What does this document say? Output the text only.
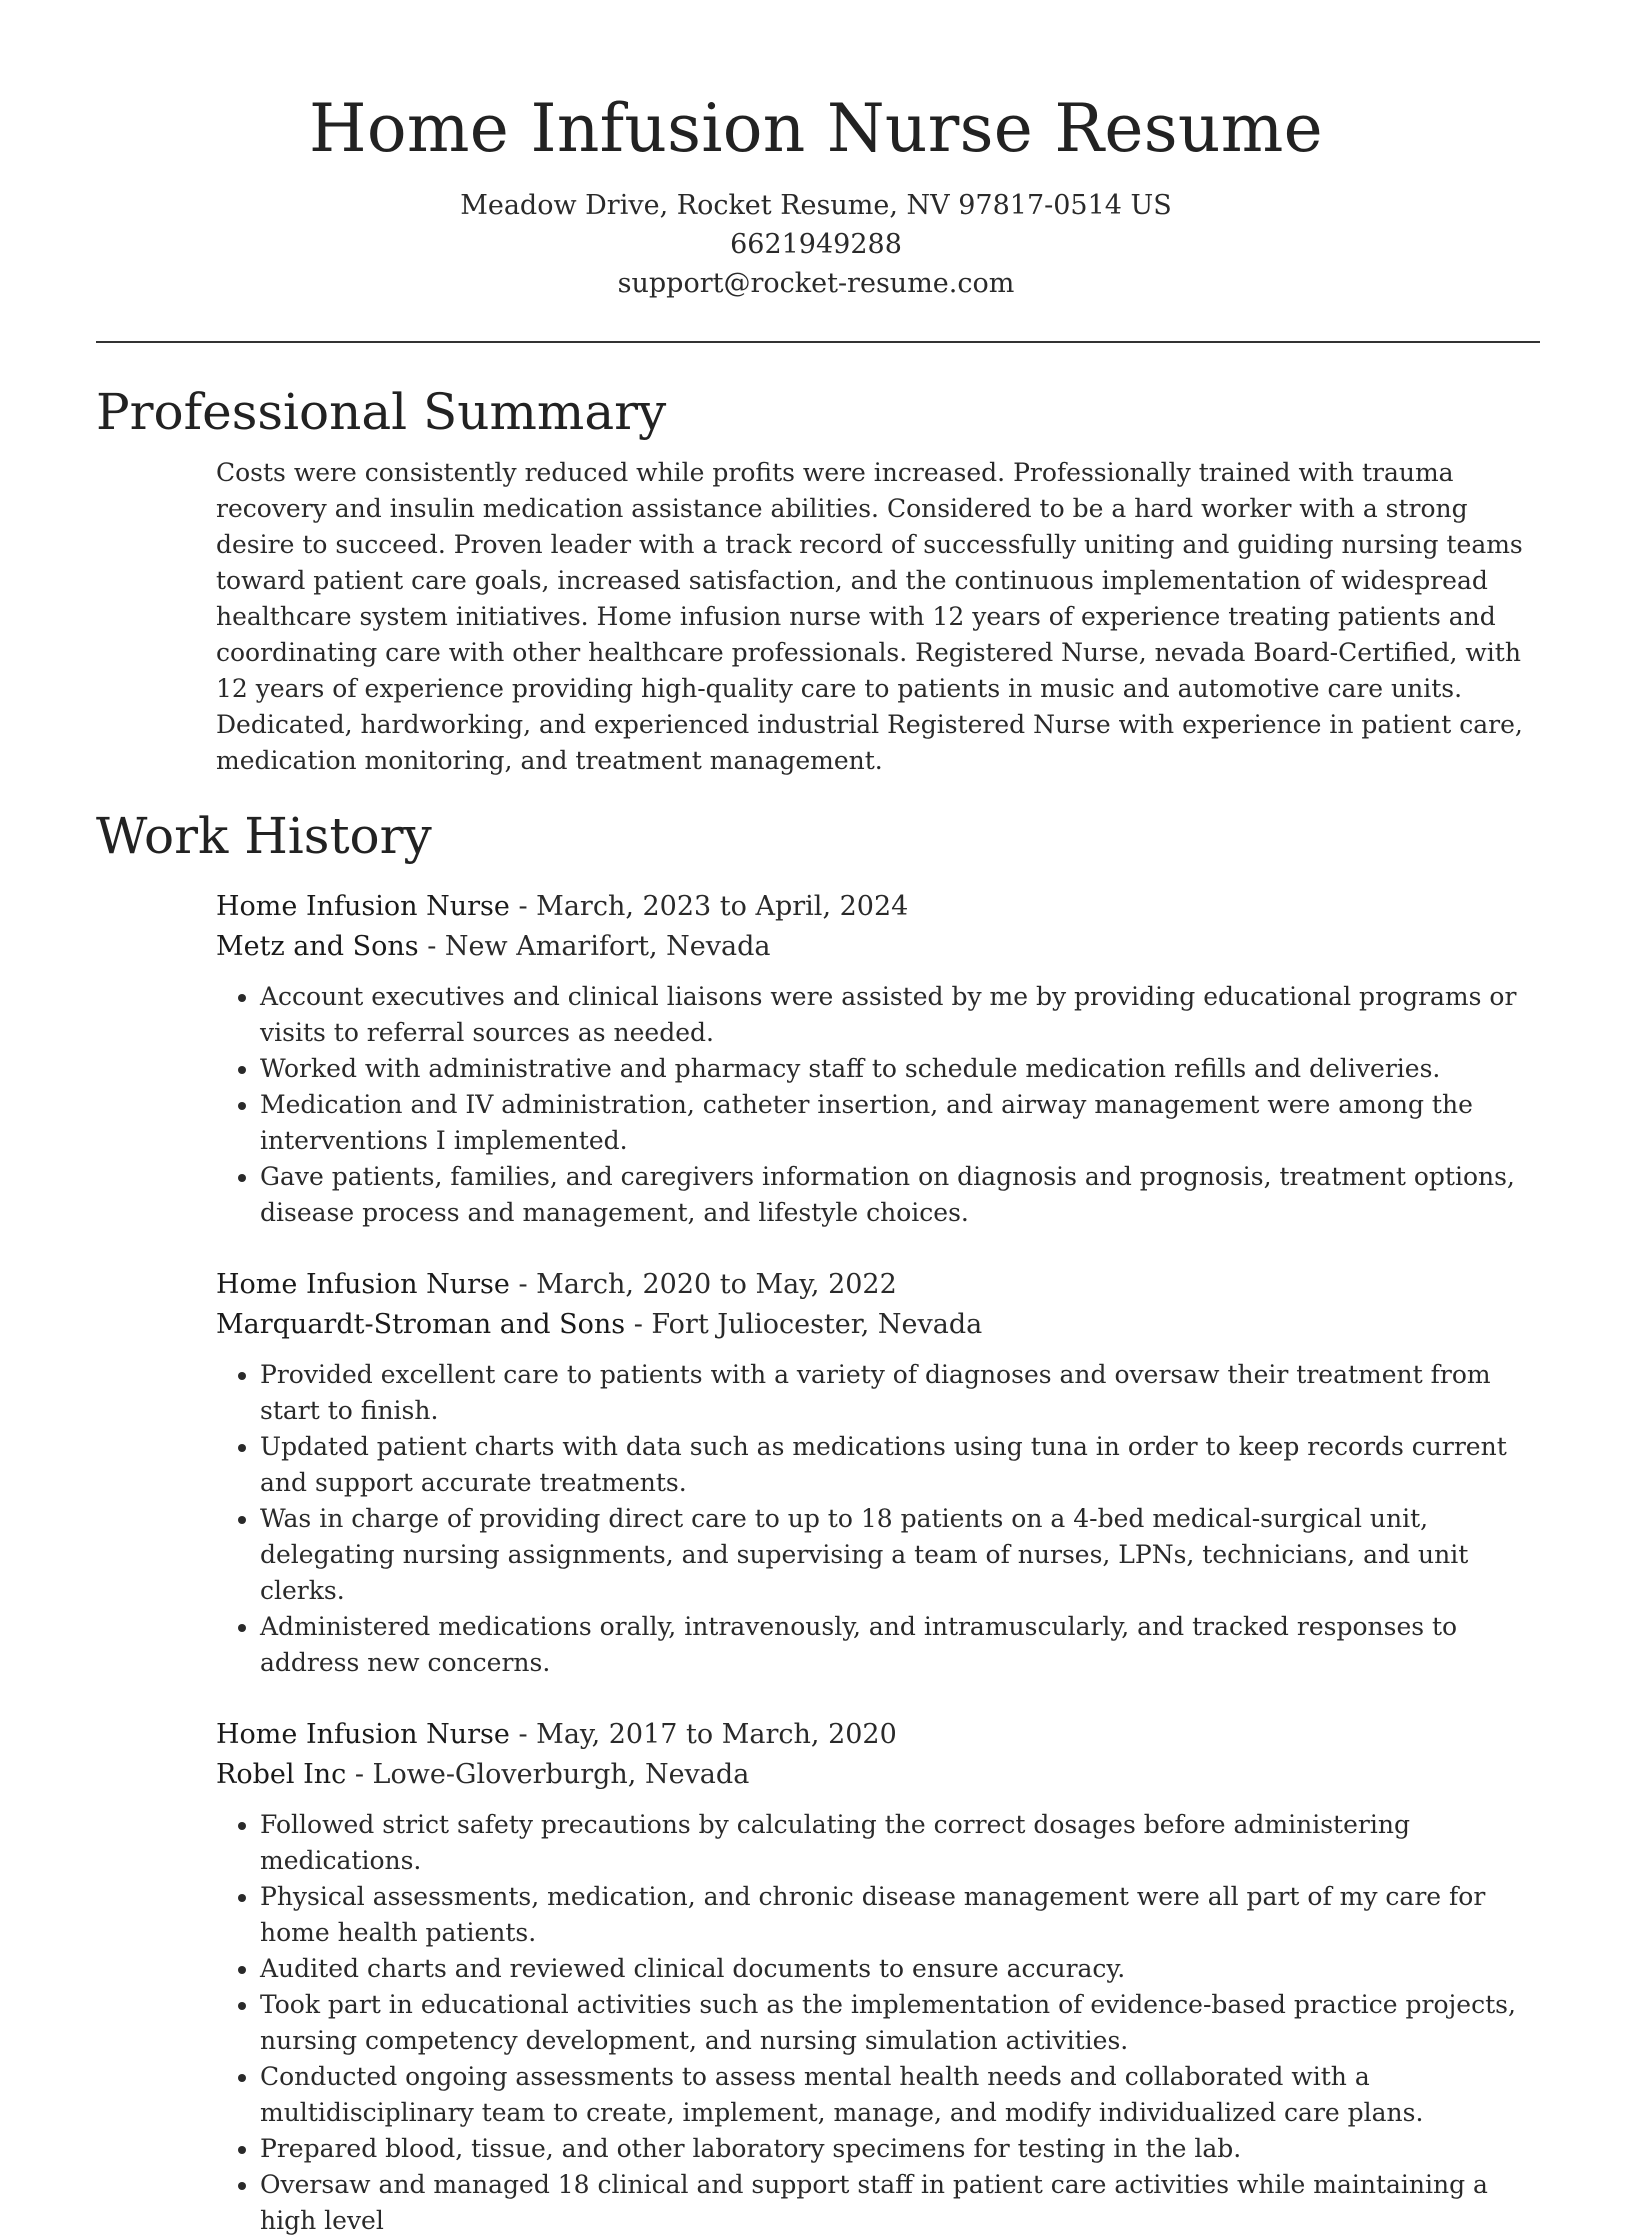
Home Infusion Nurse Resume
Meadow Drive, Rocket Resume, NV 97817-0514 US
6621949288
support@rocket-resume.com
Professional Summary

Costs were consistently reduced while profits were increased. Professionally trained with trauma recovery and insulin medication assistance abilities. Considered to be a hard worker with a strong desire to succeed. Proven leader with a track record of successfully uniting and guiding nursing teams toward patient care goals, increased satisfaction, and the continuous implementation of widespread healthcare system initiatives. Home infusion nurse with 12 years of experience treating patients and coordinating care with other healthcare professionals. Registered Nurse, nevada Board-Certified, with 12 years of experience providing high-quality care to patients in music and automotive care units. Dedicated, hardworking, and experienced industrial Registered Nurse with experience in patient care, medication monitoring, and treatment management.

Work History
Home Infusion Nurse - March, 2023 to April, 2024
Metz and Sons - New Amarifort, Nevada
• Account executives and clinical liaisons were assisted by me by providing educational programs or visits to referral sources as needed.
• Worked with administrative and pharmacy staff to schedule medication refills and deliveries.
• Medication and IV administration, catheter insertion, and airway management were among the interventions I implemented.
• Gave patients, families, and caregivers information on diagnosis and prognosis, treatment options, disease process and management, and lifestyle choices.
Home Infusion Nurse - March, 2020 to May, 2022
Marquardt-Stroman and Sons - Fort Juliocester, Nevada
• Provided excellent care to patients with a variety of diagnoses and oversaw their treatment from start to finish.
• Updated patient charts with data such as medications using tuna in order to keep records current and support accurate treatments.
• Was in charge of providing direct care to up to 18 patients on a 4-bed medical-surgical unit, delegating nursing assignments, and supervising a team of nurses, LPNs, technicians, and unit clerks.
• Administered medications orally, intravenously, and intramuscularly, and tracked responses to address new concerns.
Home Infusion Nurse - May, 2017 to March, 2020
Robel Inc - Lowe-Gloverburgh, Nevada
• Followed strict safety precautions by calculating the correct dosages before administering medications.
• Physical assessments, medication, and chronic disease management were all part of my care for home health patients.
• Audited charts and reviewed clinical documents to ensure accuracy.
• Took part in educational activities such as the implementation of evidence-based practice projects, nursing competency development, and nursing simulation activities.
• Conducted ongoing assessments to assess mental health needs and collaborated with a multidisciplinary team to create, implement, manage, and modify individualized care plans.
• Prepared blood, tissue, and other laboratory specimens for testing in the lab.
• Oversaw and managed 18 clinical and support staff in patient care activities while maintaining a high level
